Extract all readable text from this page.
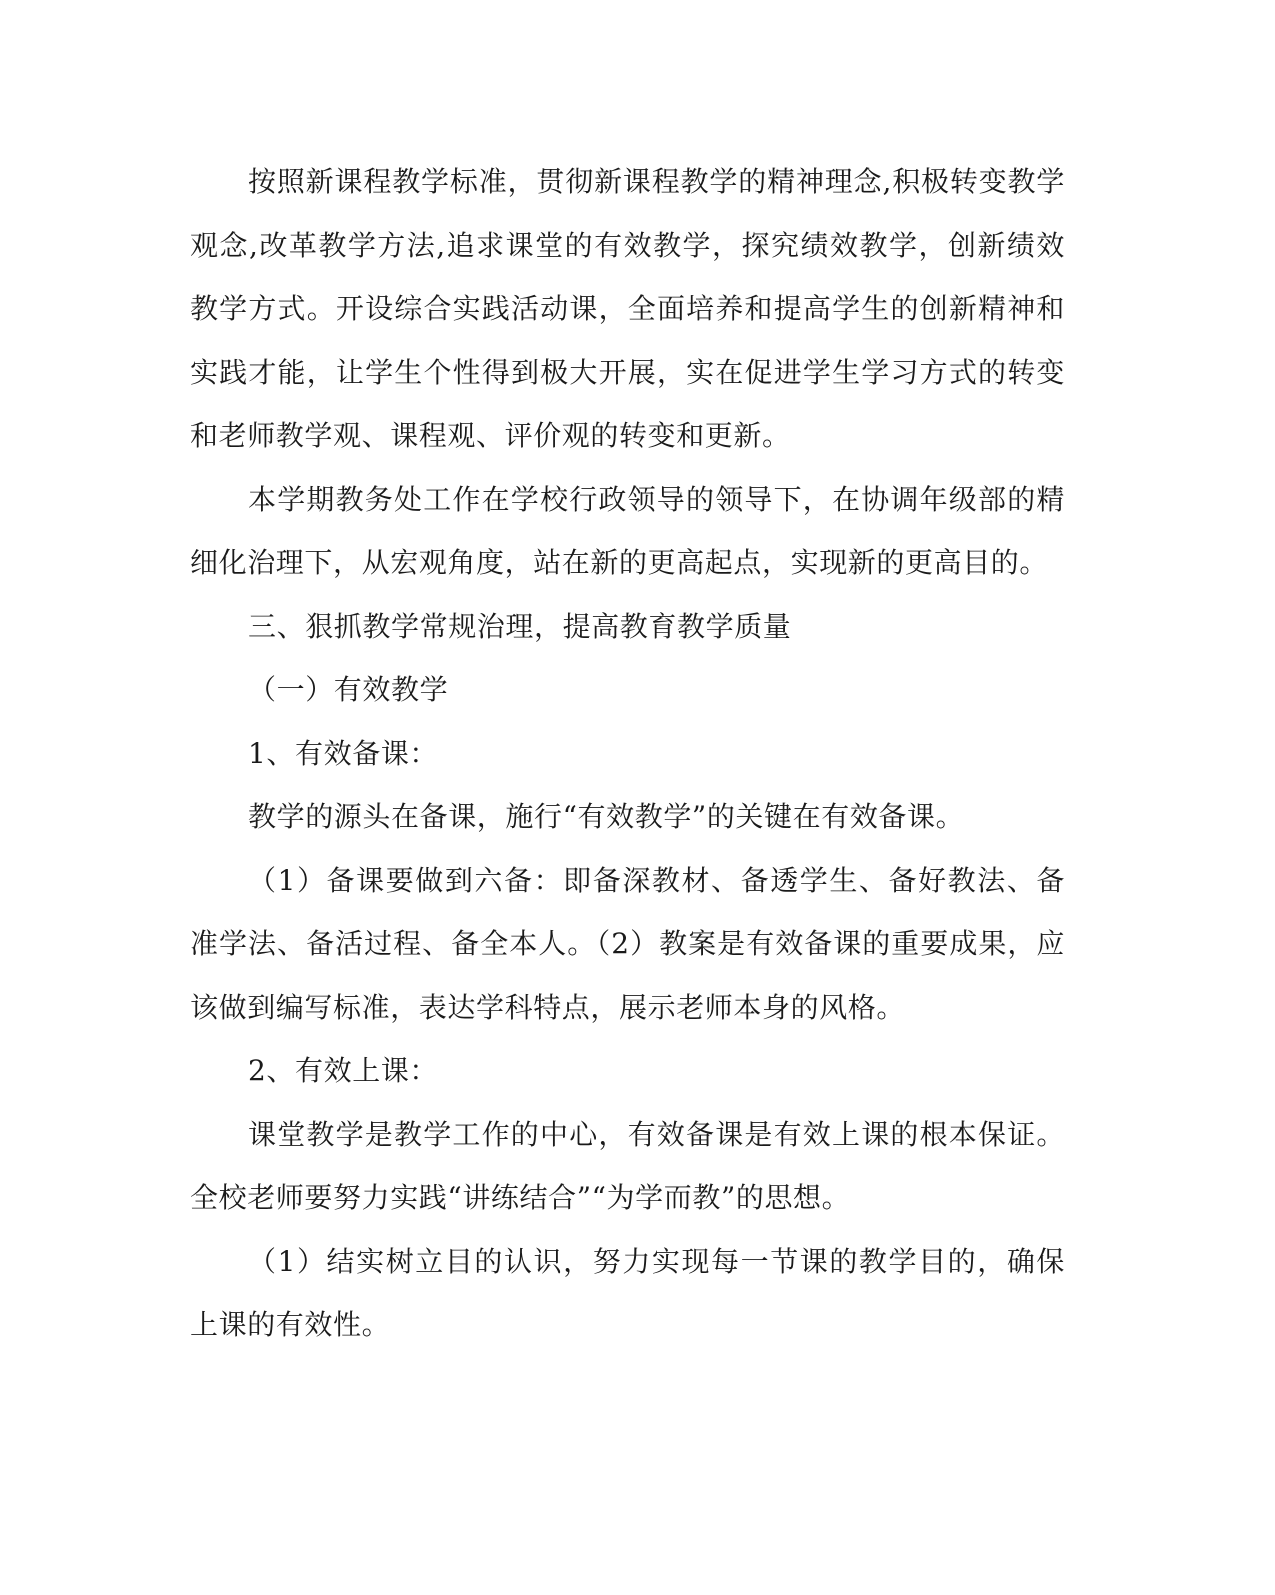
按照新课程教学标准，贯彻新课程教学的精神理念,积极转变教学观念,改革教学方法,追求课堂的有效教学，探究绩效教学，创新绩效教学方式。开设综合实践活动课，全面培养和提高学生的创新精神和实践才能，让学生个性得到极大开展，实在促进学生学习方式的转变和老师教学观、课程观、评价观的转变和更新。

本学期教务处工作在学校行政领导的领导下，在协调年级部的精细化治理下，从宏观角度，站在新的更高起点，实现新的更高目的。

三、狠抓教学常规治理，提高教育教学质量

（一）有效教学

1、有效备课：

教学的源头在备课，施行“有效教学”的关键在有效备课。

（1）备课要做到六备：即备深教材、备透学生、备好教法、备准学法、备活过程、备全本人。（2）教案是有效备课的重要成果，应该做到编写标准，表达学科特点，展示老师本身的风格。

2、有效上课：

课堂教学是教学工作的中心，有效备课是有效上课的根本保证。全校老师要努力实践“讲练结合”“为学而教”的思想。

（1）结实树立目的认识，努力实现每一节课的教学目的，确保上课的有效性。
